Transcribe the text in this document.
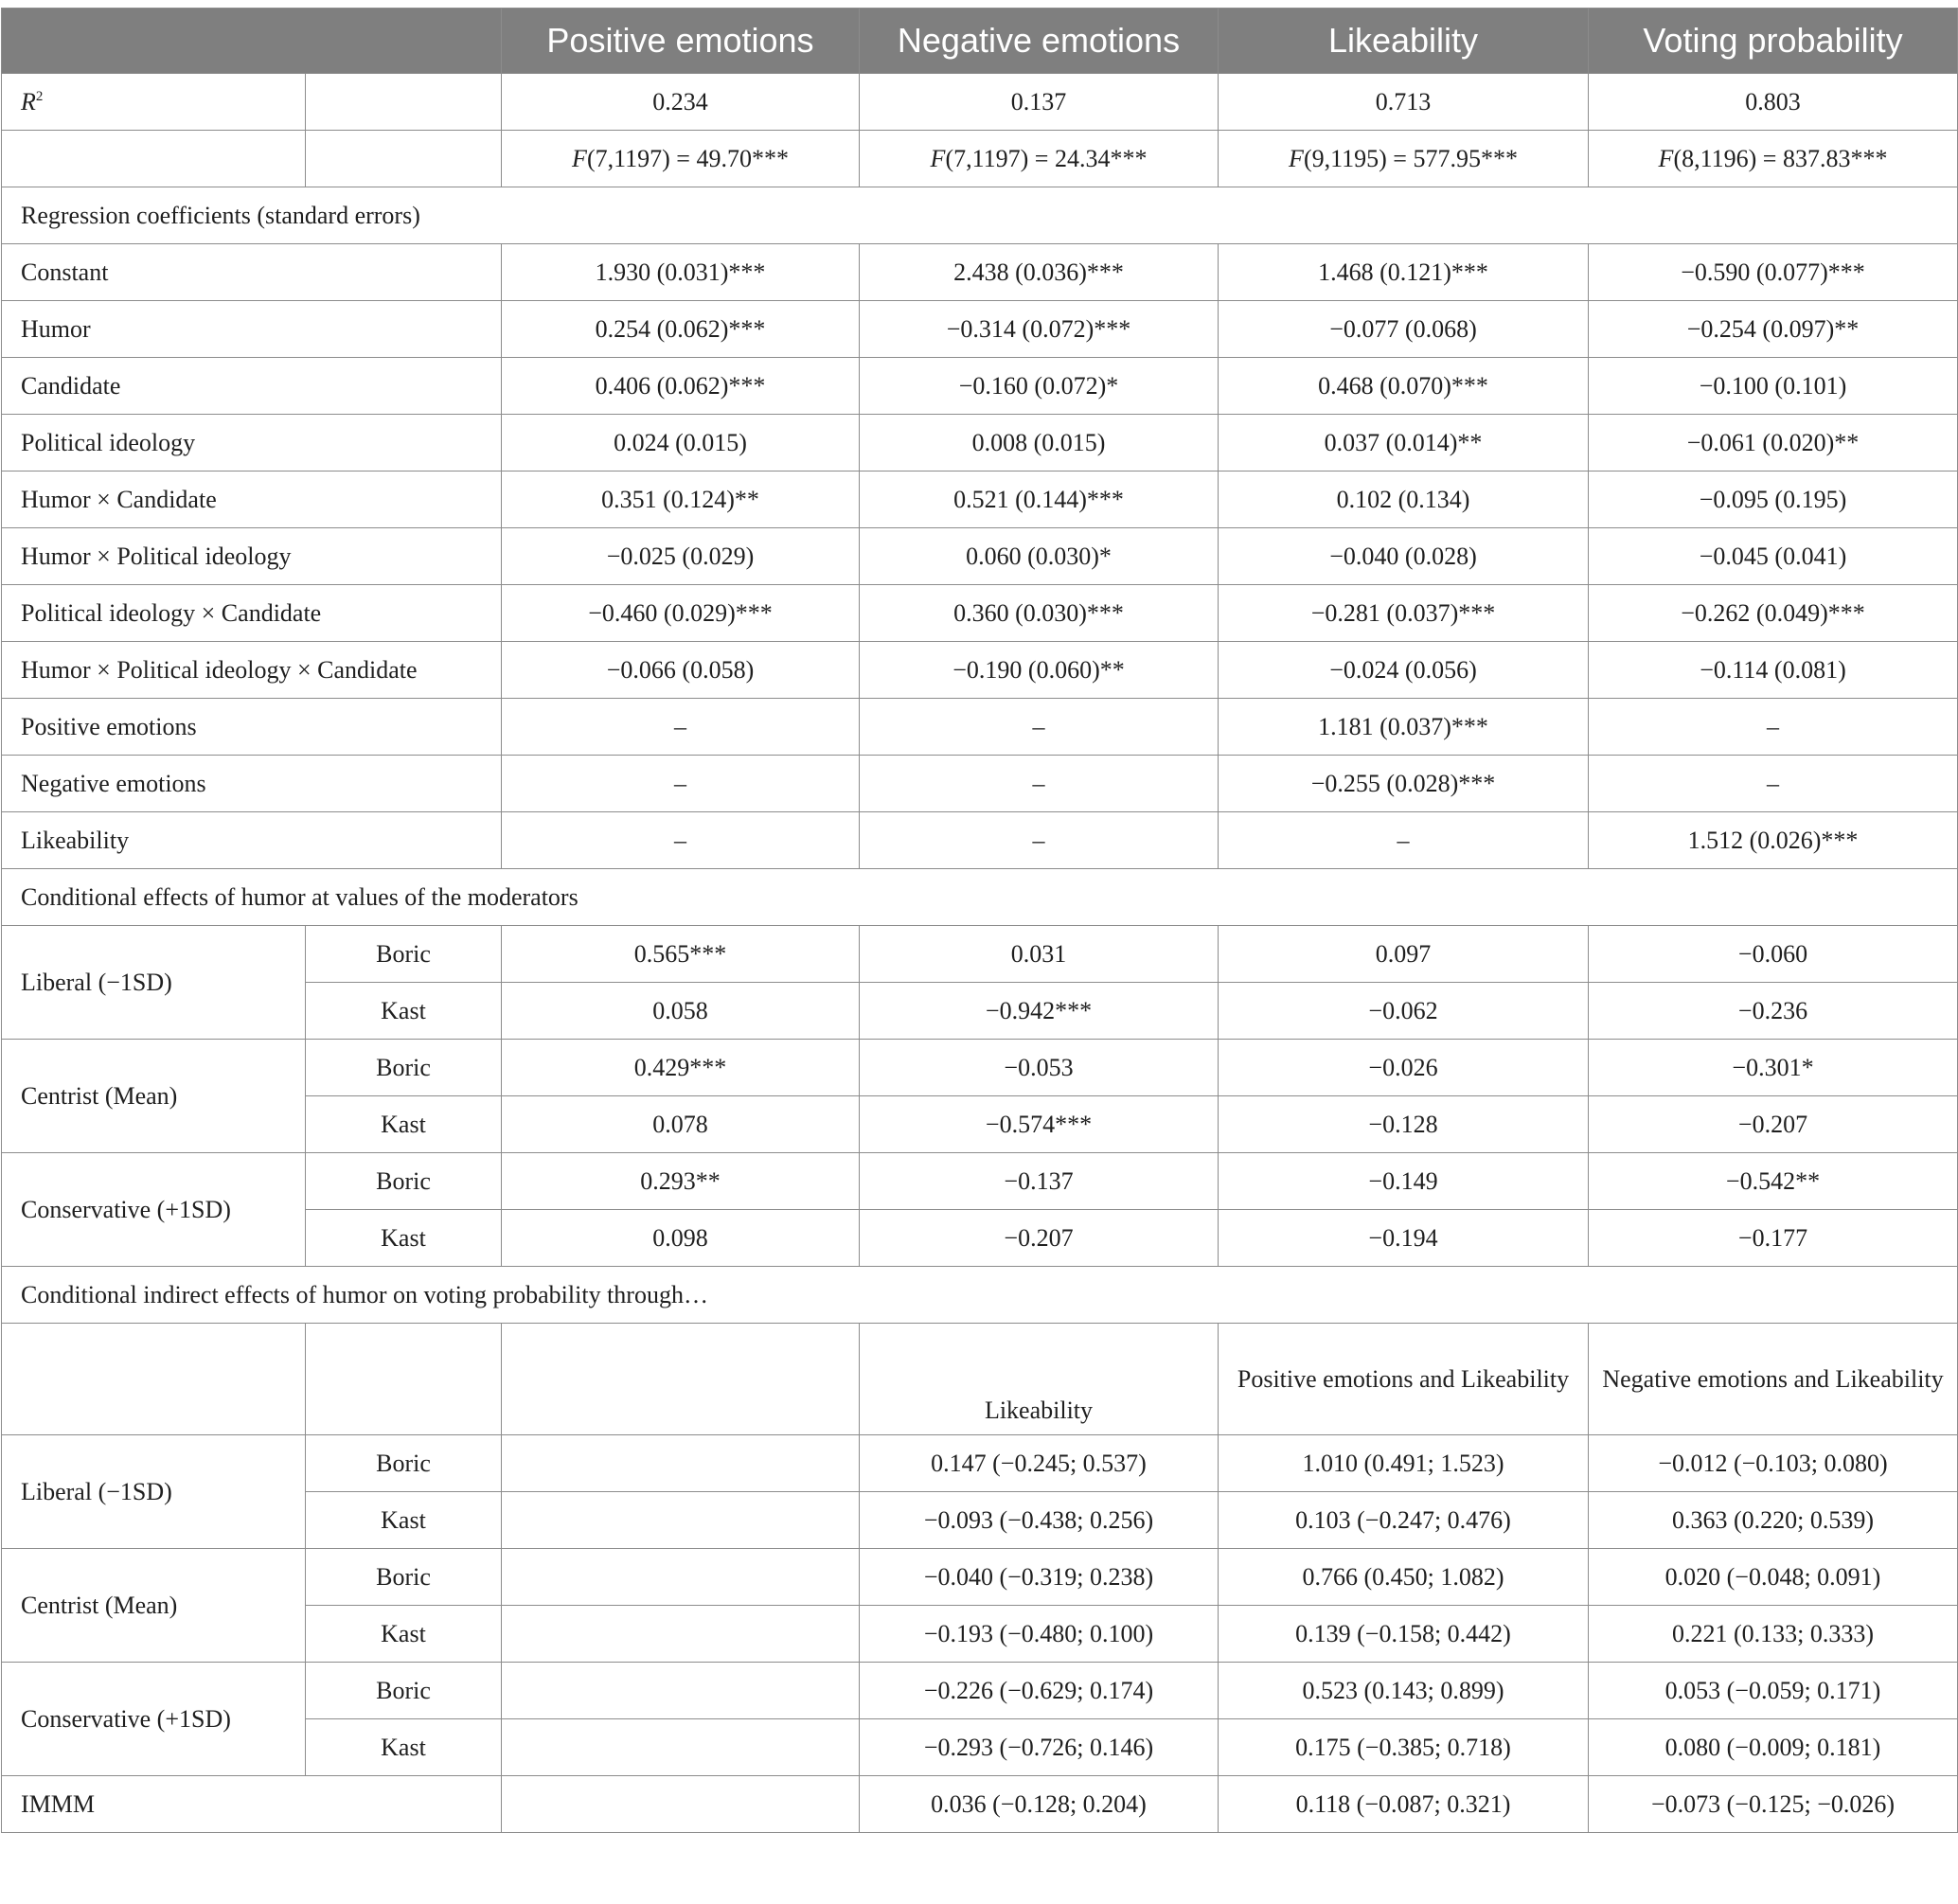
		Positive emotions	Negative emotions	Likeability	Voting probability
$R^2$		0.234	0.137	0.713	0.803
		F(7,1197) = 49.70***	F(7,1197) = 24.34***	F(9,1195) = 577.95***	F(8,1196) = 837.83***
Regression coefficients (standard errors)					
Constant		1.930 (0.031)***	2.438 (0.036)***	1.468 (0.121)***	−0.590 (0.077)***
Humor		0.254 (0.062)***	−0.314 (0.072)***	−0.077 (0.068)	−0.254 (0.097)**
Candidate		0.406 (0.062)***	−0.160 (0.072)*	0.468 (0.070)***	−0.100 (0.101)
Political ideology		0.024 (0.015)	0.008 (0.015)	0.037 (0.014)**	−0.061 (0.020)**
Humor × Candidate		0.351 (0.124)**	0.521 (0.144)***	0.102 (0.134)	−0.095 (0.195)
Humor × Political ideology		−0.025 (0.029)	0.060 (0.030)*	−0.040 (0.028)	−0.045 (0.041)
Political ideology × Candidate		−0.460 (0.029)***	0.360 (0.030)***	−0.281 (0.037)***	−0.262 (0.049)***
Humor × Political ideology × Candidate		−0.066 (0.058)	−0.190 (0.060)**	−0.024 (0.056)	−0.114 (0.081)
Positive emotions		–	–	1.181 (0.037)***	–
Negative emotions		–	–	−0.255 (0.028)***	–
Likeability		–	–	–	1.512 (0.026)***
Conditional effects of humor at values of the moderators					
Liberal (−1SD)	Boric	0.565***	0.031	0.097	−0.060
	Kast	0.058	−0.942***	−0.062	−0.236
Centrist (Mean)	Boric	0.429***	−0.053	−0.026	−0.301*
	Kast	0.078	−0.574***	−0.128	−0.207
Conservative (+1SD)	Boric	0.293**	−0.137	−0.149	−0.542**
	Kast	0.098	−0.207	−0.194	−0.177
Conditional indirect effects of humor on voting probability through…					
			Likeability	Positive emotions and Likeability	Negative emotions and Likeability
Liberal (−1SD)	Boric		0.147 (−0.245; 0.537)	1.010 (0.491; 1.523)	−0.012 (−0.103; 0.080)
	Kast		−0.093 (−0.438; 0.256)	0.103 (−0.247; 0.476)	0.363 (0.220; 0.539)
Centrist (Mean)	Boric		−0.040 (−0.319; 0.238)	0.766 (0.450; 1.082)	0.020 (−0.048; 0.091)
	Kast		−0.193 (−0.480; 0.100)	0.139 (−0.158; 0.442)	0.221 (0.133; 0.333)
Conservative (+1SD)	Boric		−0.226 (−0.629; 0.174)	0.523 (0.143; 0.899)	0.053 (−0.059; 0.171)
	Kast		−0.293 (−0.726; 0.146)	0.175 (−0.385; 0.718)	0.080 (−0.009; 0.181)
IMMM			0.036 (−0.128; 0.204)	0.118 (−0.087; 0.321)	−0.073 (−0.125; −0.026)
